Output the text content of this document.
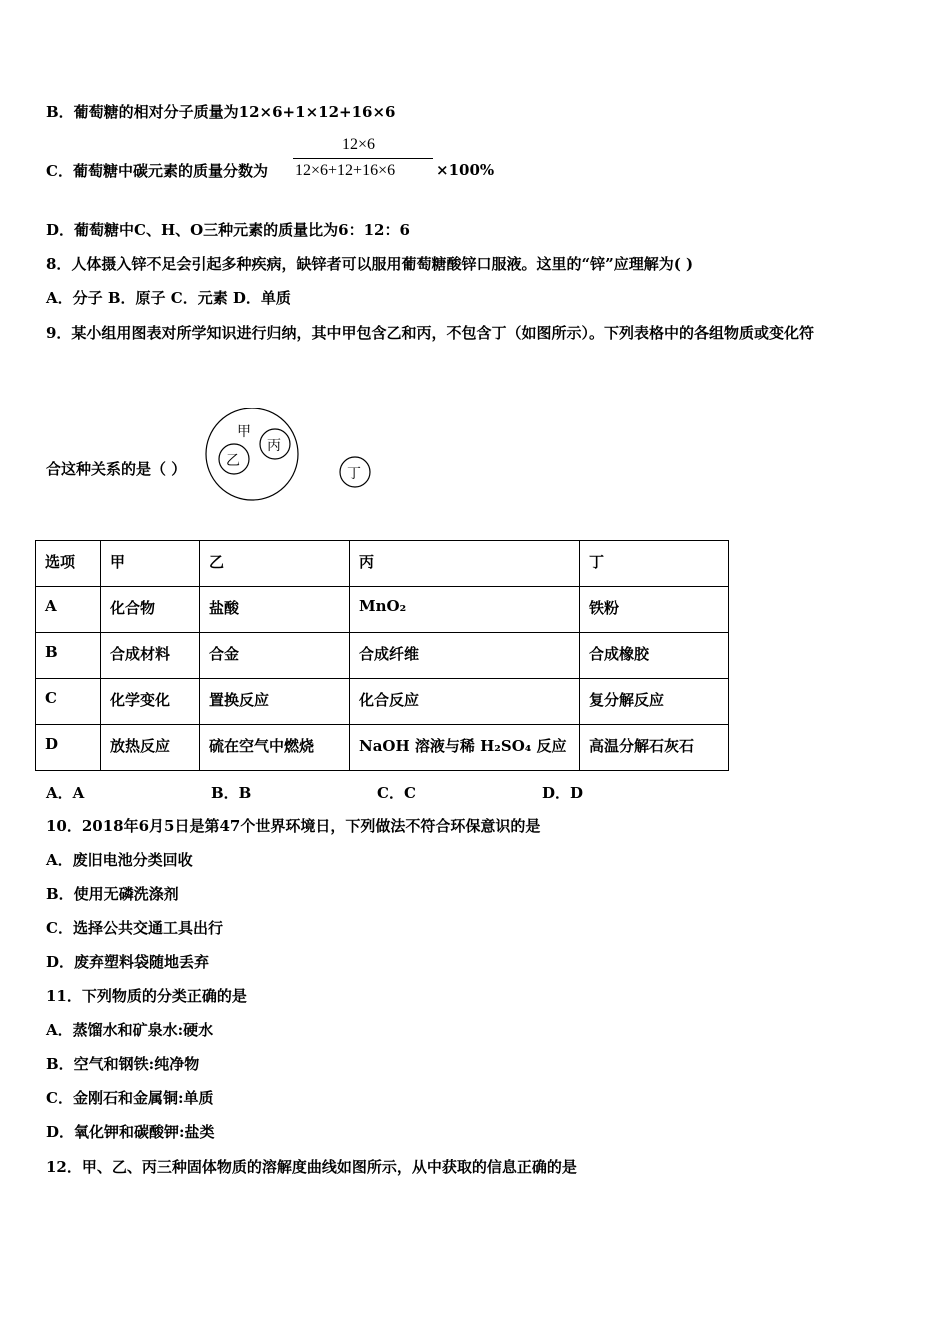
B．葡萄糖的相对分子质量为12×6+1×12+16×6
C．葡萄糖中碳元素的质量分数为
12×6
12×6+12+16×6	×100%
D．葡萄糖中C、H、O三种元素的质量比为6：12：6
8．人体摄入锌不足会引起多种疾病，缺锌者可以服用葡萄糖酸锌口服液。这里的“锌”应理解为( )
A．分子 B．原子 C．元素 D．单质
9．某小组用图表对所学知识进行归纳，其中甲包含乙和丙，不包含丁（如图所示）。下列表格中的各组物质或变化符
合这种关系的是（ ）
甲
乙
丙
丁
选项	甲	乙	丙	丁
A	化合物	盐酸	MnO₂	铁粉
B	合成材料	合金	合成纤维	合成橡胶
C	化学变化	置换反应	化合反应	复分解反应
D	放热反应	硫在空气中燃烧	NaOH 溶液与稀 H₂SO₄ 反应	高温分解石灰石
A．A	B．B	C．C	D．D
10．2018年6月5日是第47个世界环境日，下列做法不符合环保意识的是
A．废旧电池分类回收
B．使用无磷洗涤剂
C．选择公共交通工具出行
D．废弃塑料袋随地丢弃
11．下列物质的分类正确的是
A．蒸馏水和矿泉水:硬水
B．空气和钢铁:纯净物
C．金刚石和金属铜:单质
D．氧化钾和碳酸钾:盐类
12．甲、乙、丙三种固体物质的溶解度曲线如图所示，从中获取的信息正确的是
